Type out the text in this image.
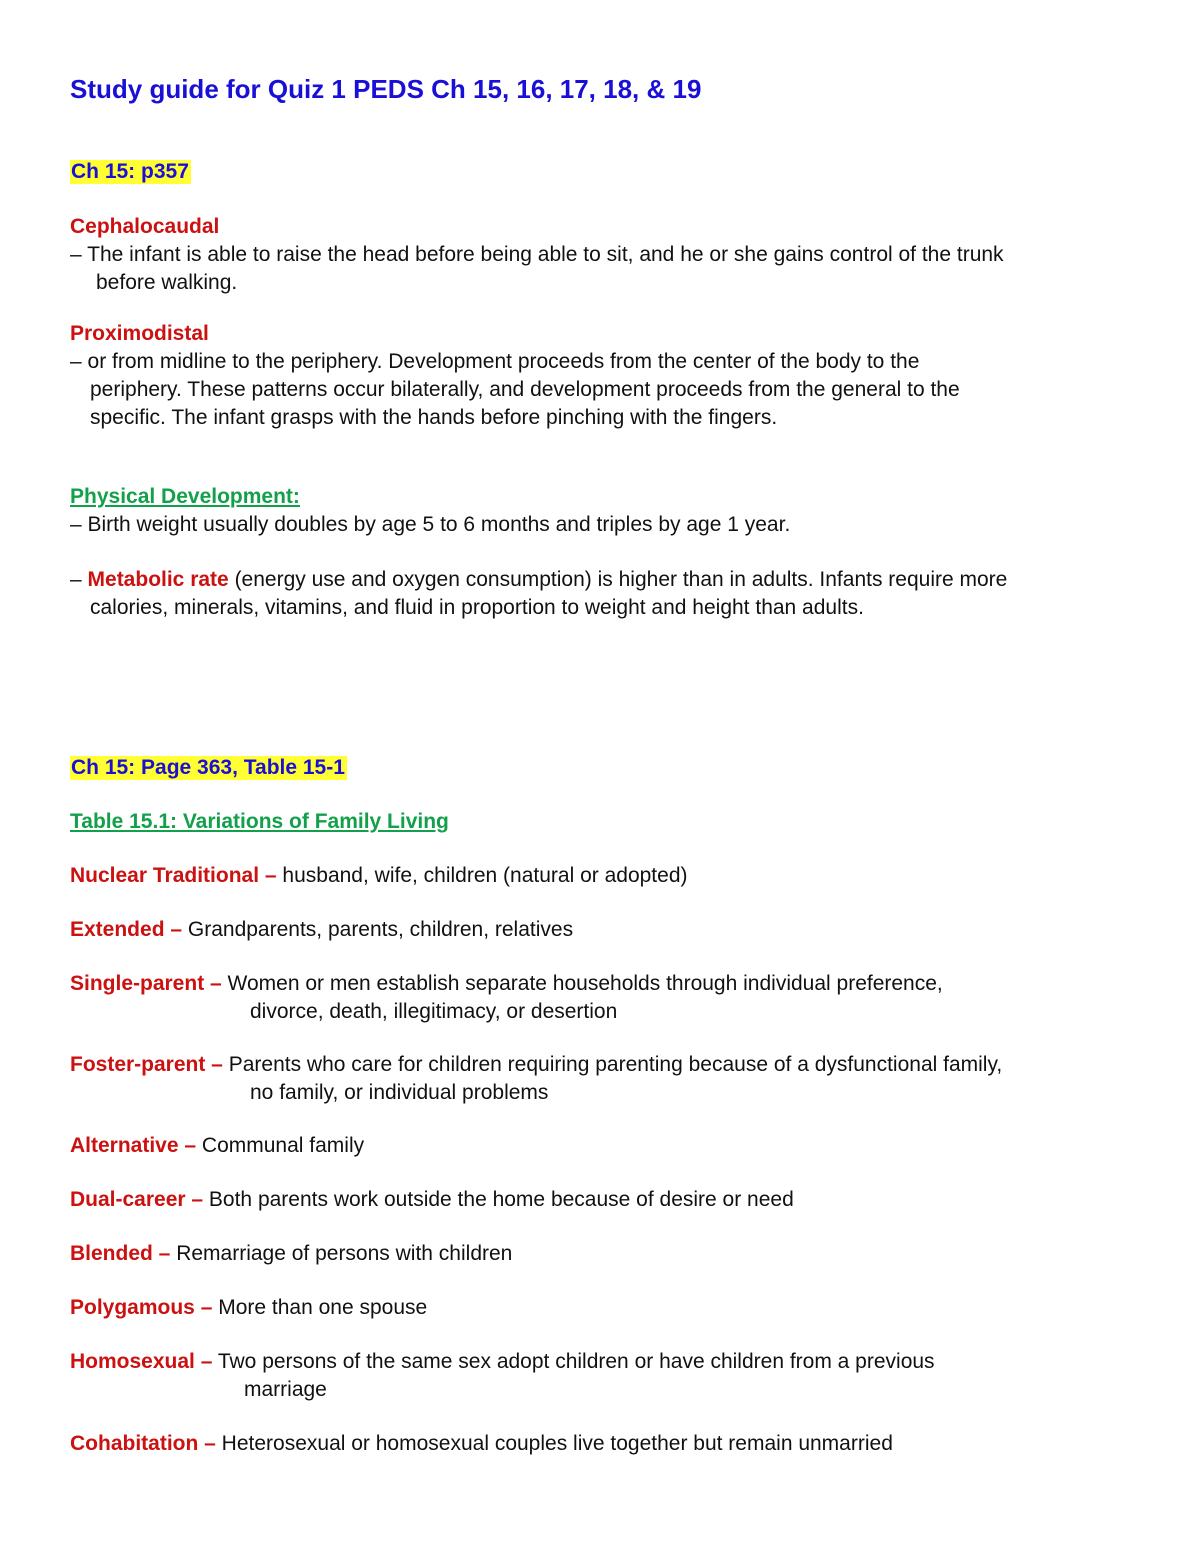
Study guide for Quiz 1 PEDS Ch 15, 16, 17, 18, & 19
Ch 15: p357
Cephalocaudal
– The infant is able to raise the head before being able to sit, and he or she gains control of the trunk
before walking.
Proximodistal
– or from midline to the periphery. Development proceeds from the center of the body to the
periphery. These patterns occur bilaterally, and development proceeds from the general to the
specific. The infant grasps with the hands before pinching with the fingers.
Physical Development:
– Birth weight usually doubles by age 5 to 6 months and triples by age 1 year.
– Metabolic rate (energy use and oxygen consumption) is higher than in adults. Infants require more
calories, minerals, vitamins, and fluid in proportion to weight and height than adults.
Ch 15: Page 363, Table 15-1
Table 15.1: Variations of Family Living
Nuclear Traditional – husband, wife, children (natural or adopted)
Extended – Grandparents, parents, children, relatives
Single-parent – Women or men establish separate households through individual preference,
divorce, death, illegitimacy, or desertion
Foster-parent – Parents who care for children requiring parenting because of a dysfunctional family,
no family, or individual problems
Alternative – Communal family
Dual-career – Both parents work outside the home because of desire or need
Blended – Remarriage of persons with children
Polygamous – More than one spouse
Homosexual – Two persons of the same sex adopt children or have children from a previous
marriage
Cohabitation – Heterosexual or homosexual couples live together but remain unmarried
